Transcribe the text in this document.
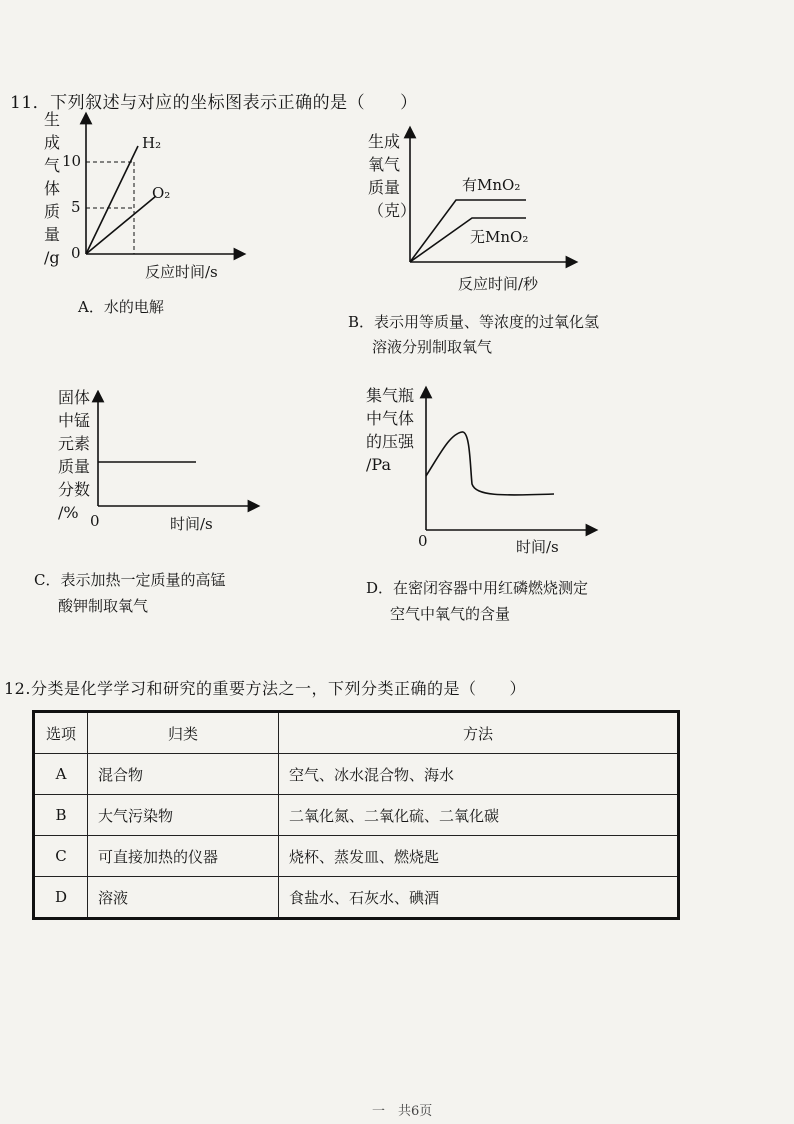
11．下列叙述与对应的坐标图表示正确的是（　　）
生
成
气
体
质
量
/g
10
5
0
H₂
O₂
反应时间/s
A．水的电解
生成
氧气
质量
（克）
有MnO₂
无MnO₂
反应时间/秒
B．表示用等质量、等浓度的过氧化氢
溶液分别制取氧气
固体
中锰
元素
质量
分数
/% 0	时间/s
C．表示加热一定质量的高锰
酸钾制取氧气
集气瓶
中气体
的压强
/Pa
0	时间/s
D．在密闭容器中用红磷燃烧测定
空气中氧气的含量
12.分类是化学学习和研究的重要方法之一，下列分类正确的是（　　）
选项	归类	方法
A	混合物	空气、冰水混合物、海水
B	大气污染物	二氧化氮、二氧化硫、二氧化碳
C	可直接加热的仪器	烧杯、蒸发皿、燃烧匙
D	溶液	食盐水、石灰水、碘酒
一　共6页
